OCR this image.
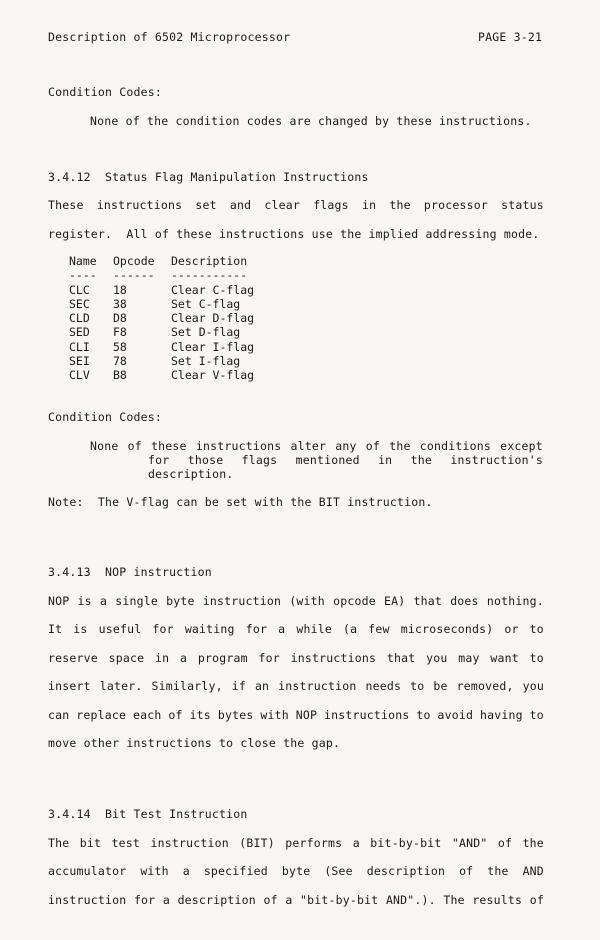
Description of 6502 Microprocessor	PAGE 3-21
Condition Codes:
None of the condition codes are changed by these instructions.
3.4.12  Status Flag Manipulation Instructions
These instructions set and clear flags in the processor status
register.  All of these instructions use the implied addressing mode.
Name	Opcode	Description
----	------	-----------
CLC	18	Clear C-flag
SEC	38	Set C-flag
CLD	D8	Clear D-flag
SED	F8	Set D-flag
CLI	58	Clear I-flag
SEI	78	Set I-flag
CLV	B8	Clear V-flag
Condition Codes:
None of these instructions alter any of the conditions except
for those flags mentioned in the instruction's
description.
Note:  The V-flag can be set with the BIT instruction.
3.4.13  NOP instruction
NOP is a single byte instruction (with opcode EA) that does nothing.
It is useful for waiting for a while (a few microseconds) or to
reserve space in a program for instructions that you may want to
insert later. Similarly, if an instruction needs to be removed, you
can replace each of its bytes with NOP instructions to avoid having to
move other instructions to close the gap.
3.4.14  Bit Test Instruction
The bit test instruction (BIT) performs a bit-by-bit "AND" of the
accumulator with a specified byte (See description of the AND
instruction for a description of a "bit-by-bit AND".). The results of
